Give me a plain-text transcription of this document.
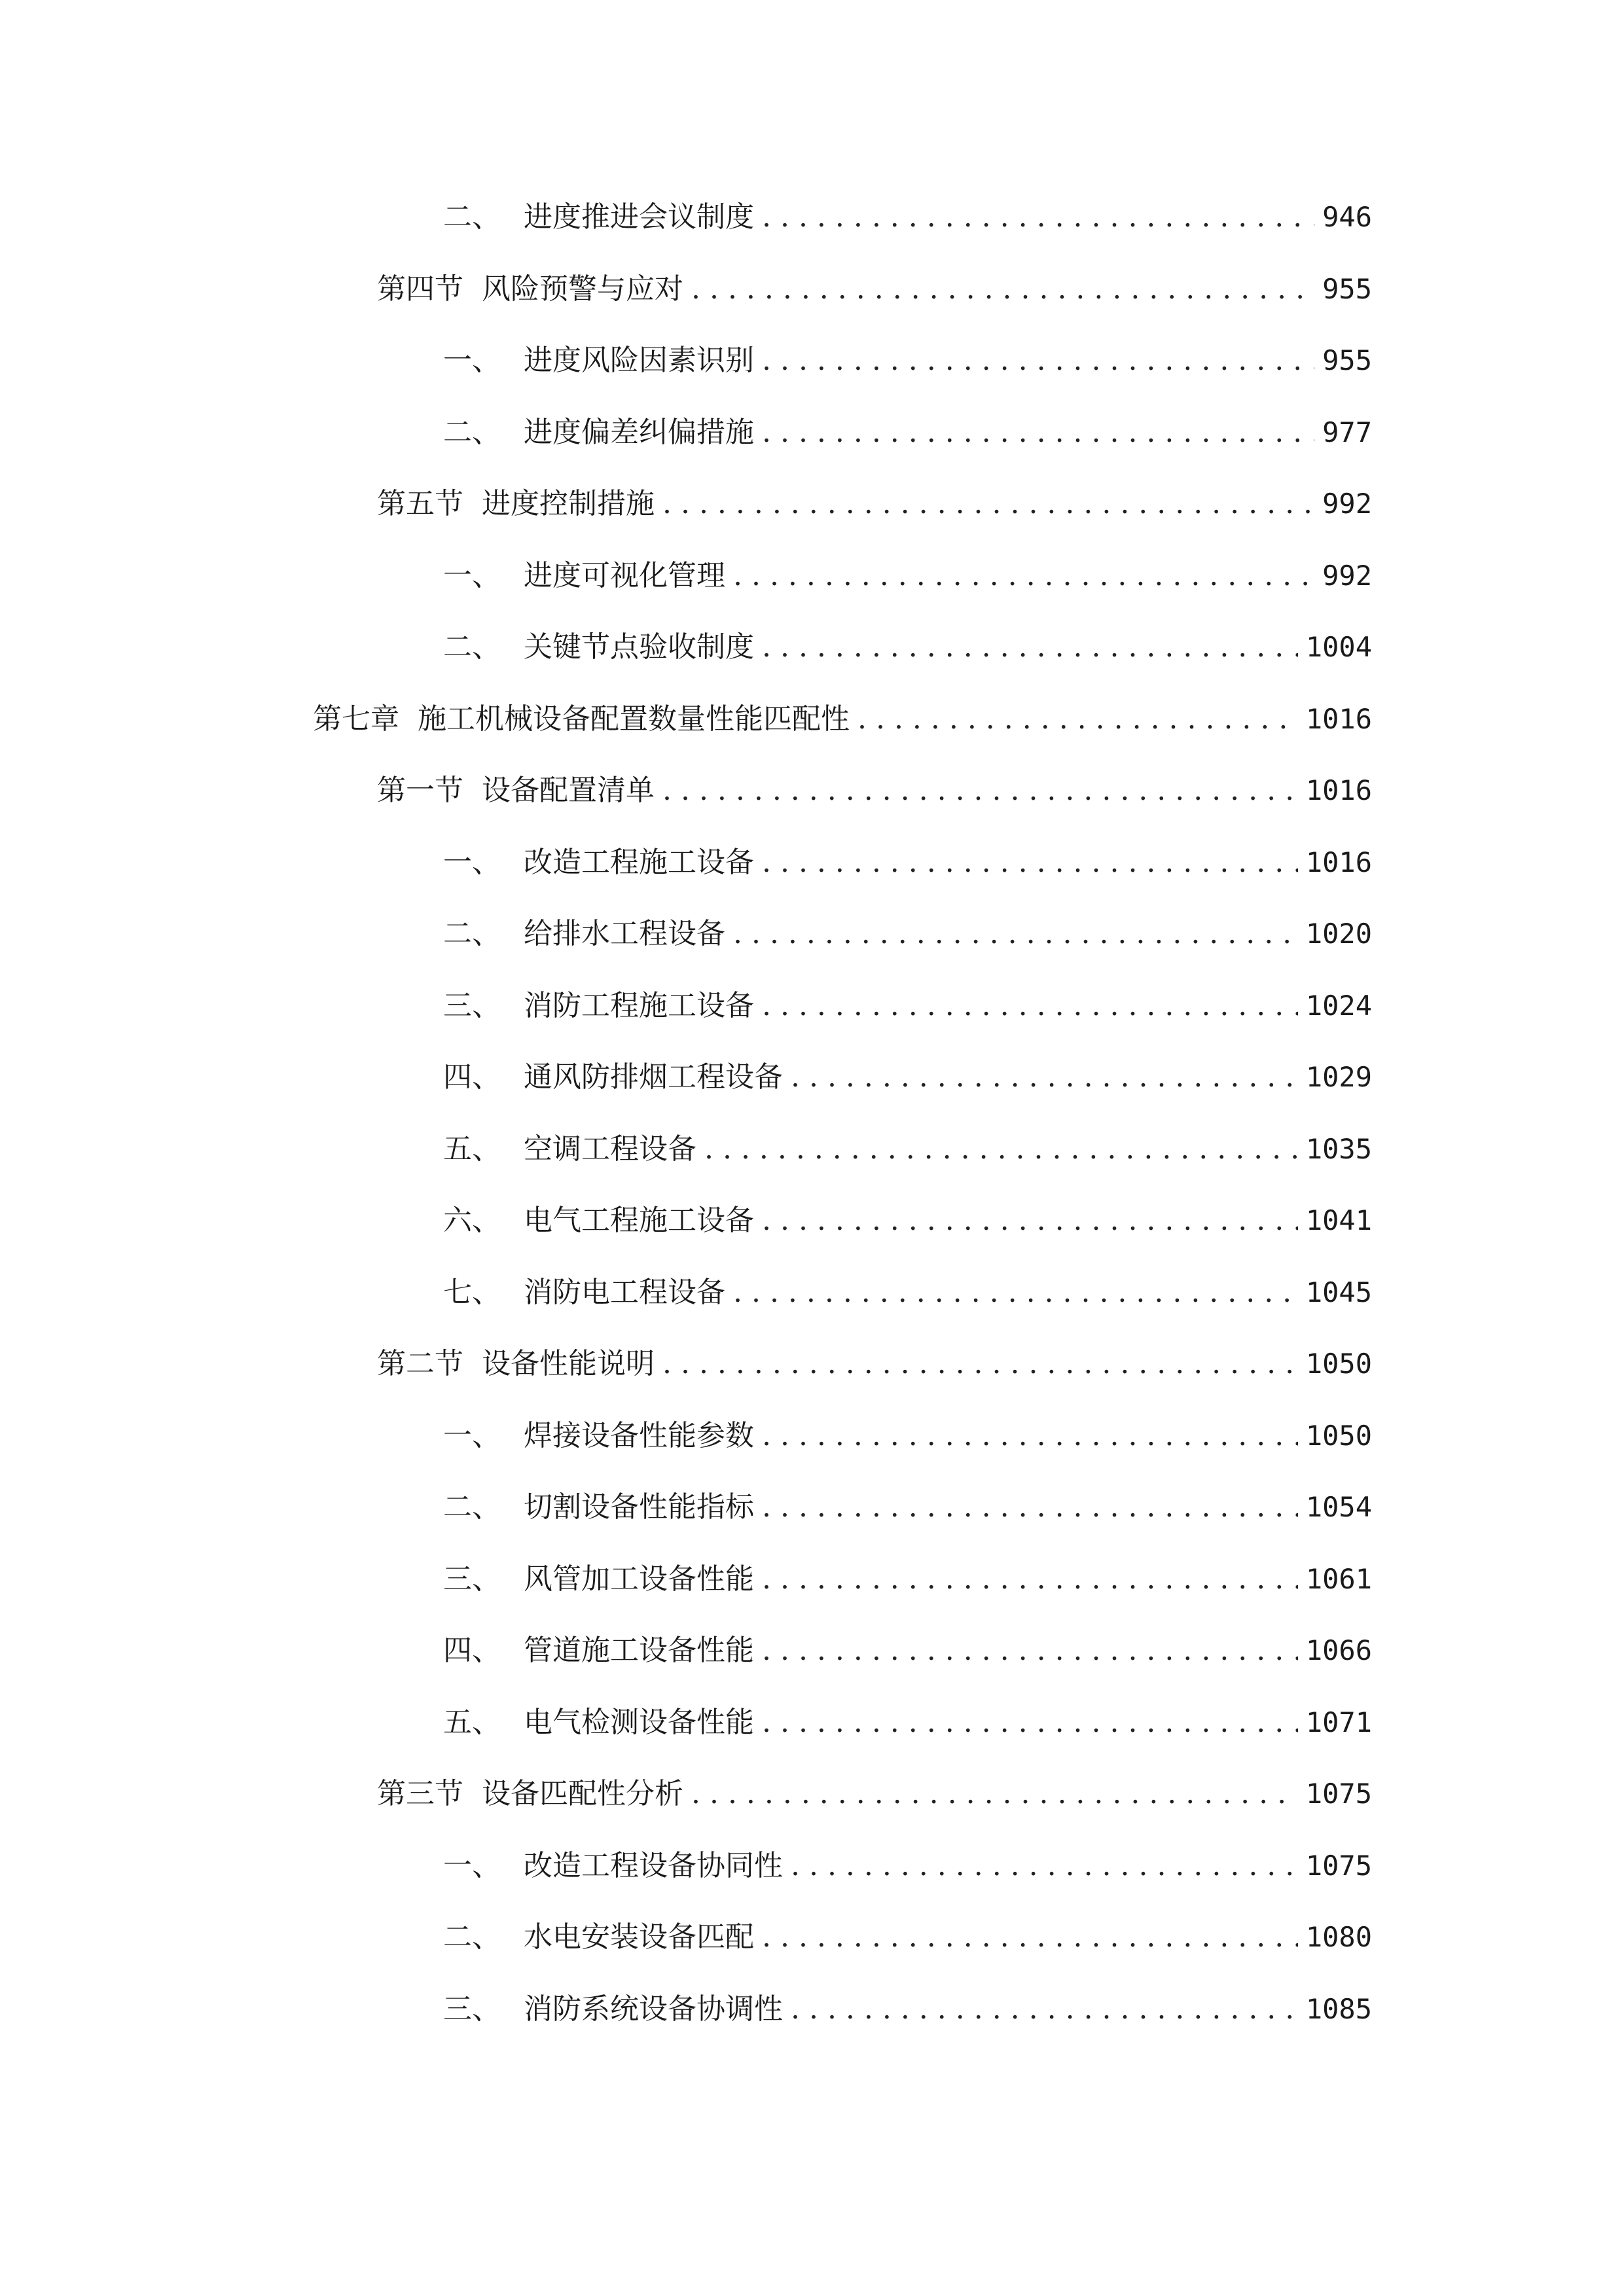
二、 进度推进会议制度 . . .	946
第四节 风险预警与应对 . . .	955
一、 进度风险因素识别 . . .	955
二、 进度偏差纠偏措施 . . .	977
第五节 进度控制措施 . . .	992
一、 进度可视化管理 . . .	992
二、 关键节点验收制度 . . .	1004
第七章 施工机械设备配置数量性能匹配性 . . .	1016
第一节 设备配置清单 . . .	1016
一、 改造工程施工设备 . . .	1016
二、 给排水工程设备 . . .	1020
三、 消防工程施工设备 . . .	1024
四、 通风防排烟工程设备 . . .	1029
五、 空调工程设备 . . .	1035
六、 电气工程施工设备 . . .	1041
七、 消防电工程设备 . . .	1045
第二节 设备性能说明 . . .	1050
一、 焊接设备性能参数 . . .	1050
二、 切割设备性能指标 . . .	1054
三、 风管加工设备性能 . . .	1061
四、 管道施工设备性能 . . .	1066
五、 电气检测设备性能 . . .	1071
第三节 设备匹配性分析 . . .	1075
一、 改造工程设备协同性 . . .	1075
二、 水电安装设备匹配 . . .	1080
三、 消防系统设备协调性 . . .	1085
